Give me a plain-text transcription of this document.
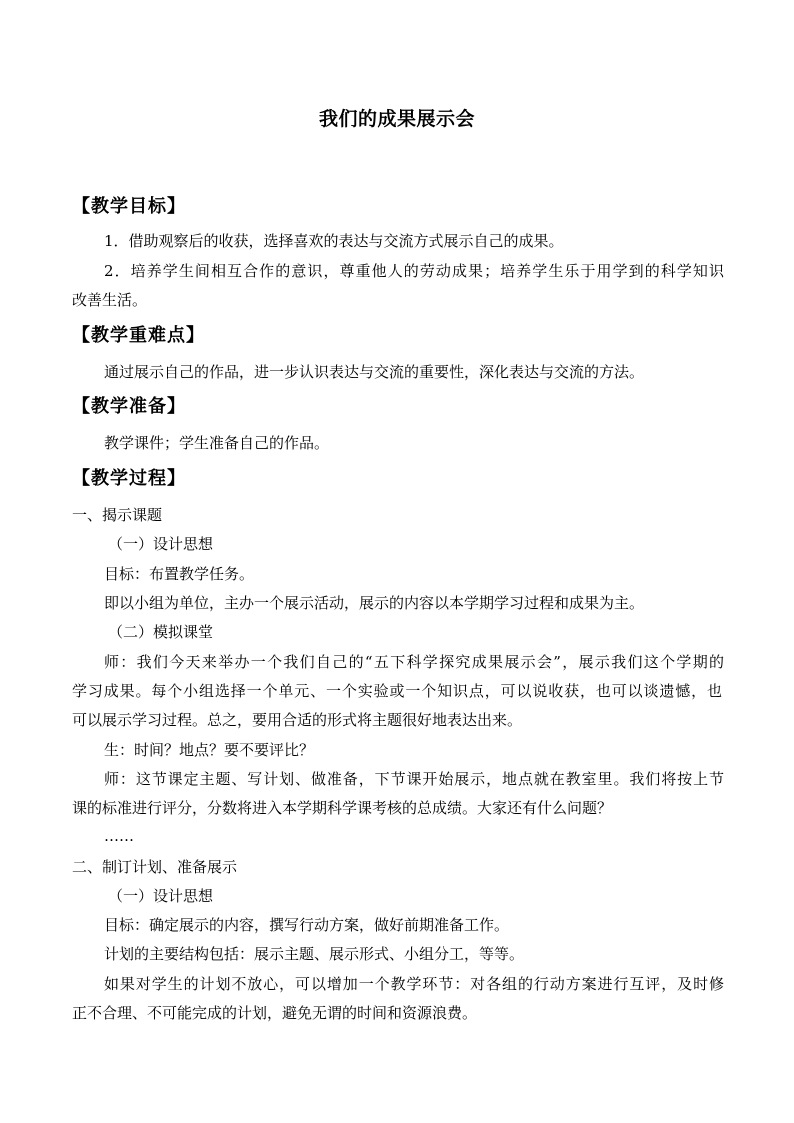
我们的成果展示会
【教学目标】
1．借助观察后的收获，选择喜欢的表达与交流方式展示自己的成果。
2．培养学生间相互合作的意识，尊重他人的劳动成果；培养学生乐于用学到的科学知识
改善生活。
【教学重难点】
通过展示自己的作品，进一步认识表达与交流的重要性，深化表达与交流的方法。
【教学准备】
教学课件；学生准备自己的作品。
【教学过程】
一、揭示课题
（一）设计思想
目标：布置教学任务。
即以小组为单位，主办一个展示活动，展示的内容以本学期学习过程和成果为主。
（二）模拟课堂
师：我们今天来举办一个我们自己的“五下科学探究成果展示会”，展示我们这个学期的
学习成果。每个小组选择一个单元、一个实验或一个知识点，可以说收获，也可以谈遗憾，也
可以展示学习过程。总之，要用合适的形式将主题很好地表达出来。
生：时间？地点？要不要评比？
师：这节课定主题、写计划、做准备，下节课开始展示，地点就在教室里。我们将按上节
课的标准进行评分，分数将进入本学期科学课考核的总成绩。大家还有什么问题？
……
二、制订计划、准备展示
（一）设计思想
目标：确定展示的内容，撰写行动方案，做好前期准备工作。
计划的主要结构包括：展示主题、展示形式、小组分工，等等。
如果对学生的计划不放心，可以增加一个教学环节：对各组的行动方案进行互评，及时修
正不合理、不可能完成的计划，避免无谓的时间和资源浪费。
